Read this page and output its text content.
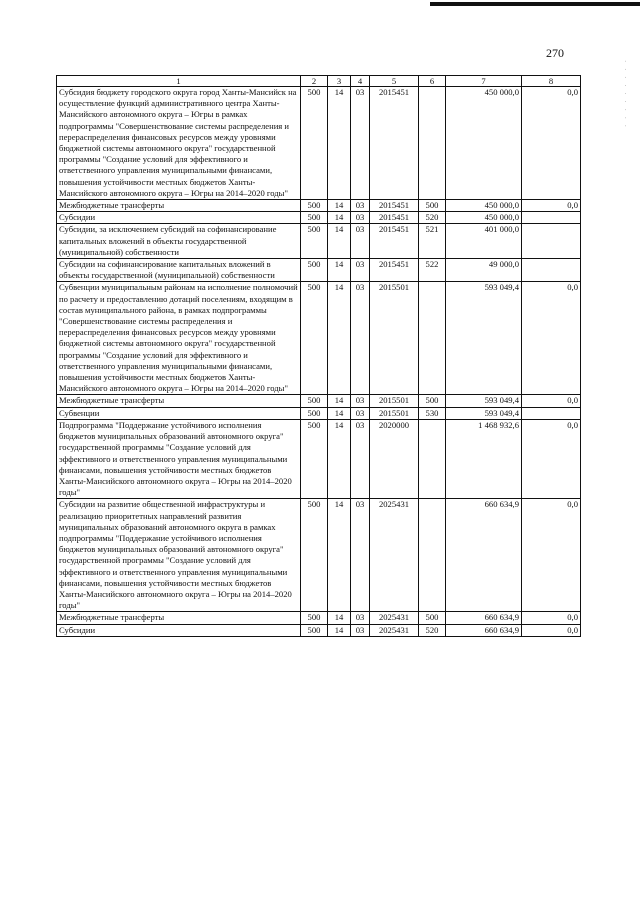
· · · · · · · · ·
270
1	2	3	4	5	6	7	8
Субсидия бюджету городского округа город Ханты-Мансийск на осуществление функций административного центра Ханты-Мансийского автономного округа – Югры в рамках подпрограммы "Совершенствование системы распределения и перераспределения финансовых ресурсов между уровнями бюджетной системы автономного округа" государственной программы "Создание условий для эффективного и ответственного управления муниципальными финансами, повышения устойчивости местных бюджетов Ханты-Мансийского автономного округа – Югры на 2014–2020 годы"	500	14	03	2015451		450 000,0	0,0
Межбюджетные трансферты	500	14	03	2015451	500	450 000,0	0,0
Субсидии	500	14	03	2015451	520	450 000,0	
Субсидии, за исключением субсидий на софинансирование капитальных вложений в объекты государственной (муниципальной) собственности	500	14	03	2015451	521	401 000,0	
Субсидии на софинансирование капитальных вложений в объекты государственной (муниципальной) собственности	500	14	03	2015451	522	49 000,0	
Субвенции муниципальным районам на исполнение полномочий по расчету и предоставлению дотаций поселениям, входящим в состав муниципального района, в рамках подпрограммы "Совершенствование системы распределения и перераспределения финансовых ресурсов между уровнями бюджетной системы автономного округа" государственной программы "Создание условий для эффективного и ответственного управления муниципальными финансами, повышения устойчивости местных бюджетов Ханты-Мансийского автономного округа – Югры на 2014–2020 годы"	500	14	03	2015501		593 049,4	0,0
Межбюджетные трансферты	500	14	03	2015501	500	593 049,4	0,0
Субвенции	500	14	03	2015501	530	593 049,4	
Подпрограмма "Поддержание устойчивого исполнения бюджетов муниципальных образований автономного округа" государственной программы "Создание условий для эффективного и ответственного управления муниципальными финансами, повышения устойчивости местных бюджетов Ханты-Мансийского автономного округа – Югры на 2014–2020 годы"	500	14	03	2020000		1 468 932,6	0,0
Субсидии на развитие общественной инфраструктуры и реализацию приоритетных направлений развития муниципальных образований автономного округа в рамках подпрограммы "Поддержание устойчивого исполнения бюджетов муниципальных образований автономного округа" государственной программы "Создание условий для эффективного и ответственного управления муниципальными финансами, повышения устойчивости местных бюджетов Ханты-Мансийского автономного округа – Югры на 2014–2020 годы"	500	14	03	2025431		660 634,9	0,0
Межбюджетные трансферты	500	14	03	2025431	500	660 634,9	0,0
Субсидии	500	14	03	2025431	520	660 634,9	0,0
